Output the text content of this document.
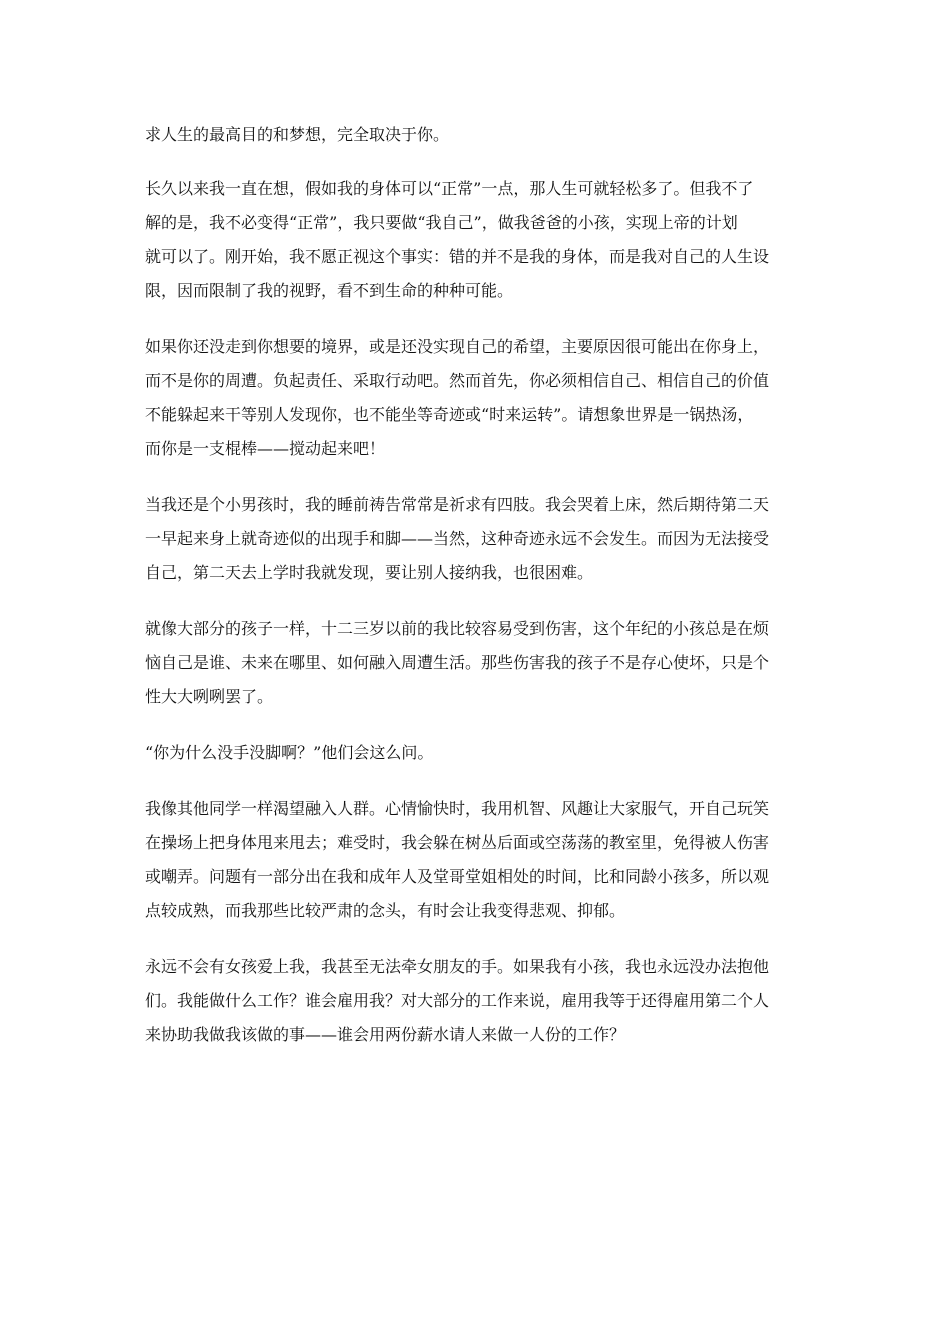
求人生的最高目的和梦想，完全取决于你。
长久以来我一直在想，假如我的身体可以“正常”一点，那人生可就轻松多了。但我不了
解的是，我不必变得“正常”，我只要做“我自己”，做我爸爸的小孩，实现上帝的计划
就可以了。刚开始，我不愿正视这个事实：错的并不是我的身体，而是我对自己的人生设
限，因而限制了我的视野，看不到生命的种种可能。
如果你还没走到你想要的境界，或是还没实现自己的希望，主要原因很可能出在你身上，
而不是你的周遭。负起责任、采取行动吧。然而首先，你必须相信自己、相信自己的价值
不能躲起来干等别人发现你，也不能坐等奇迹或“时来运转”。请想象世界是一锅热汤，
而你是一支棍棒——搅动起来吧！
当我还是个小男孩时，我的睡前祷告常常是祈求有四肢。我会哭着上床，然后期待第二天
一早起来身上就奇迹似的出现手和脚——当然，这种奇迹永远不会发生。而因为无法接受
自己，第二天去上学时我就发现，要让别人接纳我，也很困难。
就像大部分的孩子一样，十二三岁以前的我比较容易受到伤害，这个年纪的小孩总是在烦
恼自己是谁、未来在哪里、如何融入周遭生活。那些伤害我的孩子不是存心使坏，只是个
性大大咧咧罢了。
“你为什么没手没脚啊？”他们会这么问。
我像其他同学一样渴望融入人群。心情愉快时，我用机智、风趣让大家服气，开自己玩笑
在操场上把身体甩来甩去；难受时，我会躲在树丛后面或空荡荡的教室里，免得被人伤害
或嘲弄。问题有一部分出在我和成年人及堂哥堂姐相处的时间，比和同龄小孩多，所以观
点较成熟，而我那些比较严肃的念头，有时会让我变得悲观、抑郁。
永远不会有女孩爱上我，我甚至无法牵女朋友的手。如果我有小孩，我也永远没办法抱他
们。我能做什么工作？谁会雇用我？对大部分的工作来说，雇用我等于还得雇用第二个人
来协助我做我该做的事——谁会用两份薪水请人来做一人份的工作？
